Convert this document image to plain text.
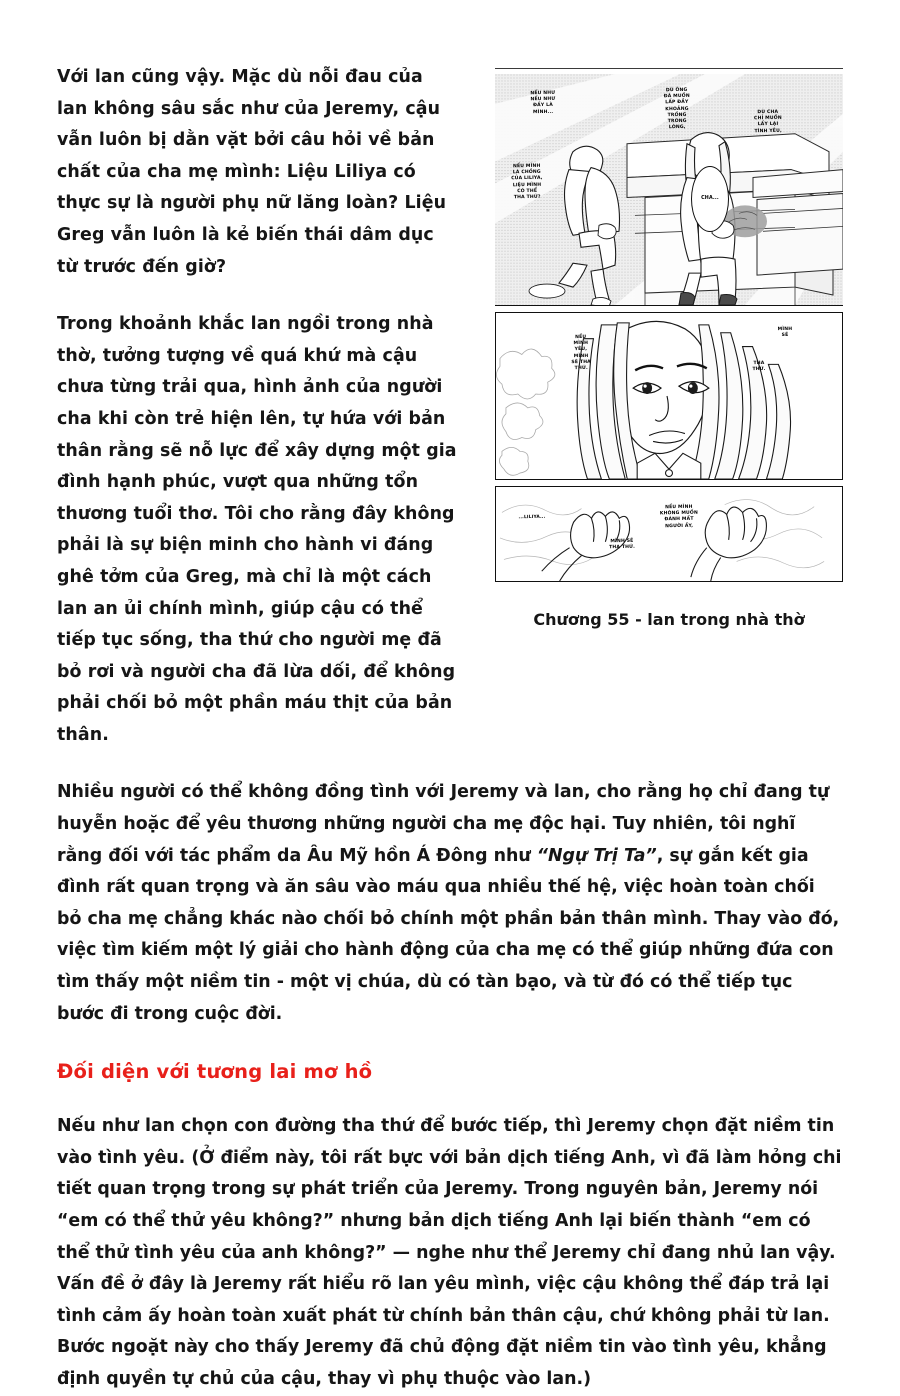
NẾU NHƯ
NẾU NHƯ
ĐẤY LÀ
MÌNH...
NẾU MÌNH
LÀ CHỒNG
CỦA LILIYA,
LIỆU MÌNH
CÓ THỂ
THA THỨ?
DÙ ÔNG
ĐÃ MUỐN
LẤP ĐẦY
KHOẢNG
TRỐNG
TRONG
LÒNG,
DÙ CHA
CHỈ MUỐN
LẤY LẠI
TÌNH YÊU,
CHA...
NẾU
MÌNH
YÊU,
MÌNH
SẼ THA
THỨ.
MÌNH
SẼ
THA
THỨ.
...LILIYA...
MÌNH SẼ
THA THỨ.
NẾU MÌNH
KHÔNG MUỐN
ĐÁNH MẤT
NGƯỜI ẤY,
Chương 55 - lan trong nhà thờ

Với lan cũng vậy. Mặc dù nỗi đau của lan không sâu sắc như của Jeremy, cậu vẫn luôn bị dằn vặt bởi câu hỏi về bản chất của cha mẹ mình: Liệu Liliya có thực sự là người phụ nữ lăng loàn? Liệu Greg vẫn luôn là kẻ biến thái dâm dục từ trước đến giờ?

Trong khoảnh khắc lan ngồi trong nhà thờ, tưởng tượng về quá khứ mà cậu chưa từng trải qua, hình ảnh của người cha khi còn trẻ hiện lên, tự hứa với bản thân rằng sẽ nỗ lực để xây dựng một gia đình hạnh phúc, vượt qua những tổn thương tuổi thơ. Tôi cho rằng đây không phải là sự biện minh cho hành vi đáng ghê tởm của Greg, mà chỉ là một cách lan an ủi chính mình, giúp cậu có thể tiếp tục sống, tha thứ cho người mẹ đã bỏ rơi và người cha đã lừa dối, để không phải chối bỏ một phần máu thịt của bản thân.

Nhiều người có thể không đồng tình với Jeremy và lan, cho rằng họ chỉ đang tự huyễn hoặc để yêu thương những người cha mẹ độc hại. Tuy nhiên, tôi nghĩ rằng đối với tác phẩm da Âu Mỹ hồn Á Đông như “Ngự Trị Ta”, sự gắn kết gia đình rất quan trọng và ăn sâu vào máu qua nhiều thế hệ, việc hoàn toàn chối bỏ cha mẹ chẳng khác nào chối bỏ chính một phần bản thân mình. Thay vào đó, việc tìm kiếm một lý giải cho hành động của cha mẹ có thể giúp những đứa con tìm thấy một niềm tin - một vị chúa, dù có tàn bạo, và từ đó có thể tiếp tục bước đi trong cuộc đời.

Đối diện với tương lai mơ hồ

Nếu như lan chọn con đường tha thứ để bước tiếp, thì Jeremy chọn đặt niềm tin vào tình yêu. (Ở điểm này, tôi rất bực với bản dịch tiếng Anh, vì đã làm hỏng chi tiết quan trọng trong sự phát triển của Jeremy. Trong nguyên bản, Jeremy nói “em có thể thử yêu không?” nhưng bản dịch tiếng Anh lại biến thành “em có thể thử tình yêu của anh không?” — nghe như thể Jeremy chỉ đang nhủ lan vậy. Vấn đề ở đây là Jeremy rất hiểu rõ lan yêu mình, việc cậu không thể đáp trả lại tình cảm ấy hoàn toàn xuất phát từ chính bản thân cậu, chứ không phải từ lan. Bước ngoặt này cho thấy Jeremy đã chủ động đặt niềm tin vào tình yêu, khẳng định quyền tự chủ của cậu, thay vì phụ thuộc vào lan.)
